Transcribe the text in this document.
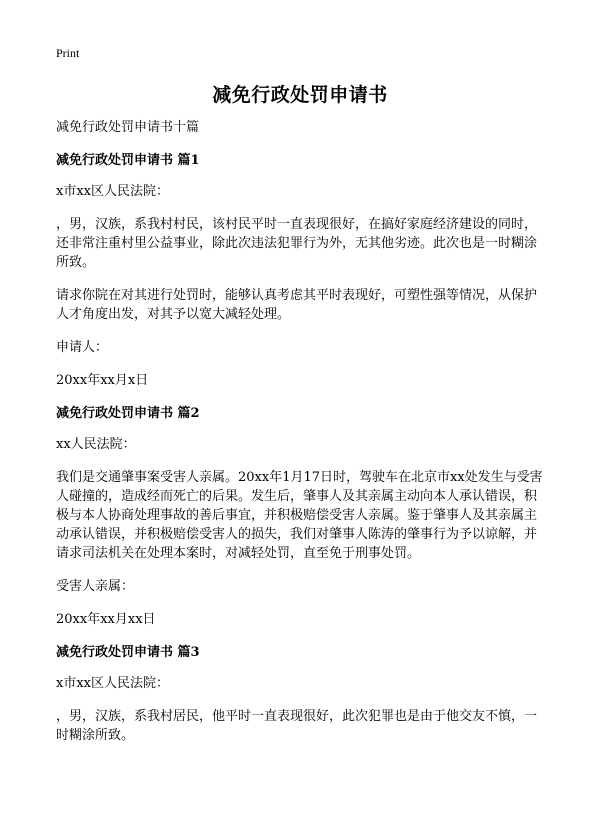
Print
减免行政处罚申请书
减免行政处罚申请书十篇
减免行政处罚申请书 篇1
x市xx区人民法院：
，男，汉族，系我村村民，该村民平时一直表现很好，在搞好家庭经济建设的同时，还非常注重村里公益事业，除此次违法犯罪行为外，无其他劣迹。此次也是一时糊涂所致。
请求你院在对其进行处罚时，能够认真考虑其平时表现好，可塑性强等情况，从保护人才角度出发，对其予以宽大减轻处理。
申请人：
20xx年xx月x日
减免行政处罚申请书 篇2
xx人民法院：
我们是交通肇事案受害人亲属。20xx年1月17日时，驾驶车在北京市xx处发生与受害人碰撞的，造成经而死亡的后果。发生后，肇事人及其亲属主动向本人承认错误，积极与本人协商处理事故的善后事宜，并积极赔偿受害人亲属。鉴于肇事人及其亲属主动承认错误，并积极赔偿受害人的损失，我们对肇事人陈涛的肇事行为予以谅解，并请求司法机关在处理本案时，对减轻处罚，直至免于刑事处罚。
受害人亲属：
20xx年xx月xx日
减免行政处罚申请书 篇3
x市xx区人民法院：
，男，汉族，系我村居民，他平时一直表现很好，此次犯罪也是由于他交友不慎，一时糊涂所致。
